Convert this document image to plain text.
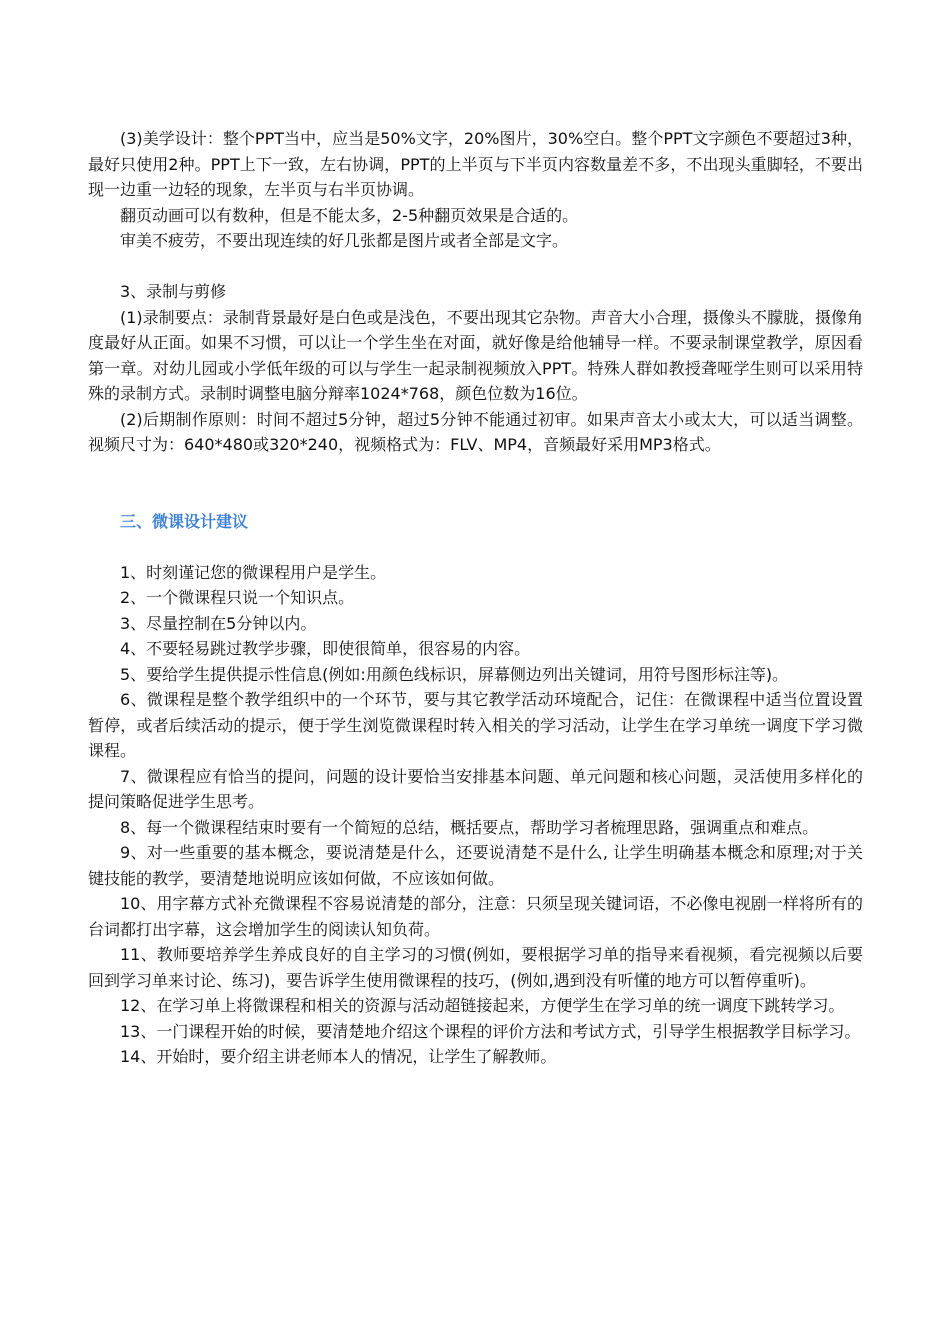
(3)美学设计：整个PPT当中，应当是50%文字，20%图片，30%空白。整个PPT文字颜色不要超过3种，最好只使用2种。PPT上下一致，左右协调，PPT的上半页与下半页内容数量差不多，不出现头重脚轻，不要出现一边重一边轻的现象，左半页与右半页协调。

翻页动画可以有数种，但是不能太多，2-5种翻页效果是合适的。

审美不疲劳，不要出现连续的好几张都是图片或者全部是文字。

3、录制与剪修

(1)录制要点：录制背景最好是白色或是浅色，不要出现其它杂物。声音大小合理，摄像头不朦胧，摄像角度最好从正面。如果不习惯，可以让一个学生坐在对面，就好像是给他辅导一样。不要录制课堂教学，原因看第一章。对幼儿园或小学低年级的可以与学生一起录制视频放入PPT。特殊人群如教授聋哑学生则可以采用特殊的录制方式。录制时调整电脑分辩率1024*768，颜色位数为16位。

(2)后期制作原则：时间不超过5分钟，超过5分钟不能通过初审。如果声音太小或太大，可以适当调整。视频尺寸为：640*480或320*240，视频格式为：FLV、MP4，音频最好采用MP3格式。

三、微课设计建议

1、时刻谨记您的微课程用户是学生。

2、一个微课程只说一个知识点。

3、尽量控制在5分钟以内。

4、不要轻易跳过教学步骤，即使很简单，很容易的内容。

5、要给学生提供提示性信息(例如:用颜色线标识，屏幕侧边列出关键词，用符号图形标注等)。

6、微课程是整个教学组织中的一个环节，要与其它教学活动环境配合，记住：在微课程中适当位置设置暂停，或者后续活动的提示，便于学生浏览微课程时转入相关的学习活动，让学生在学习单统一调度下学习微课程。

7、微课程应有恰当的提问，问题的设计要恰当安排基本问题、单元问题和核心问题，灵活使用多样化的提问策略促进学生思考。

8、每一个微课程结束时要有一个简短的总结，概括要点，帮助学习者梳理思路，强调重点和难点。

9、对一些重要的基本概念，要说清楚是什么，还要说清楚不是什么, 让学生明确基本概念和原理;对于关键技能的教学，要清楚地说明应该如何做，不应该如何做。

10、用字幕方式补充微课程不容易说清楚的部分，注意：只须呈现关键词语，不必像电视剧一样将所有的台词都打出字幕，这会增加学生的阅读认知负荷。

11、教师要培养学生养成良好的自主学习的习惯(例如，要根据学习单的指导来看视频，看完视频以后要回到学习单来讨论、练习)，要告诉学生使用微课程的技巧，(例如,遇到没有听懂的地方可以暂停重听)。

12、在学习单上将微课程和相关的资源与活动超链接起来，方便学生在学习单的统一调度下跳转学习。

13、一门课程开始的时候，要清楚地介绍这个课程的评价方法和考试方式，引导学生根据教学目标学习。

14、开始时，要介绍主讲老师本人的情况，让学生了解教师。
